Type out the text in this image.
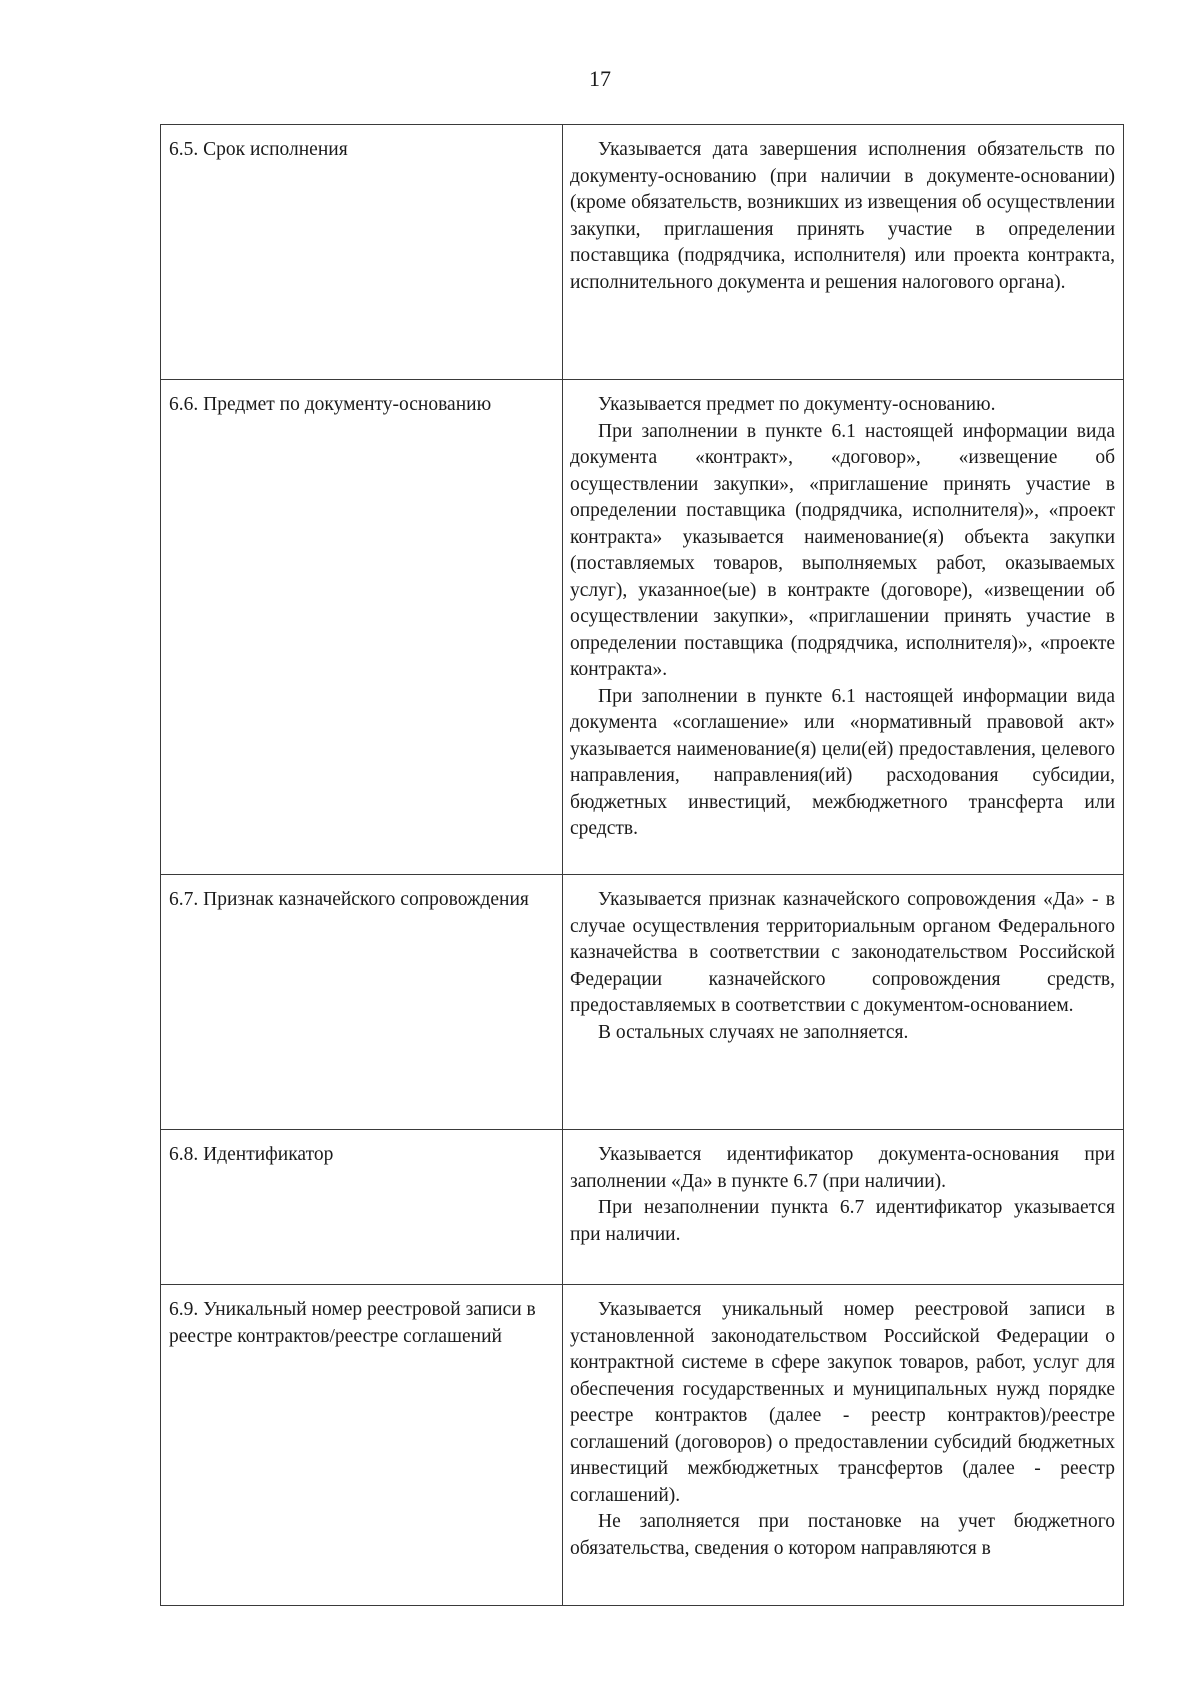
17
6.5. Срок исполнения	Указывается дата завершения исполнения обязательств по документу-основанию (при наличии в документе-основании) (кроме обязательств, возникших из извещения об осуществлении закупки, приглашения принять участие в определении поставщика (подрядчика, исполнителя) или проекта контракта, исполнительного документа и решения налогового органа).

6.6. Предмет по документу-основанию	Указывается предмет по документу-основанию.

При заполнении в пункте 6.1 настоящей информации вида документа «контракт», «договор», «извещение об осуществлении закупки», «приглашение принять участие в определении поставщика (подрядчика, исполнителя)», «проект контракта» указывается наименование(я) объекта закупки (поставляемых товаров, выполняемых работ, оказываемых услуг), указанное(ые) в контракте (договоре), «извещении об осуществлении закупки», «приглашении принять участие в определении поставщика (подрядчика, исполнителя)», «проекте контракта».

При заполнении в пункте 6.1 настоящей информации вида документа «соглашение» или «нормативный правовой акт» указывается наименование(я) цели(ей) предоставления, целевого направления, направления(ий) расходования субсидии, бюджетных инвестиций, межбюджетного трансферта или средств.

6.7. Признак казначейского сопровождения	Указывается признак казначейского сопровождения «Да» - в случае осуществления территориальным органом Федерального казначейства в соответствии с законодательством Российской Федерации казначейского сопровождения средств, предоставляемых в соответствии с документом-основанием.

В остальных случаях не заполняется.

6.8. Идентификатор	Указывается идентификатор документа-основания при заполнении «Да» в пункте 6.7 (при наличии).

При незаполнении пункта 6.7 идентификатор указывается при наличии.

6.9. Уникальный номер реестровой записи в реестре контрактов/реестре соглашений	Указывается уникальный номер реестровой записи в установленной законодательством Российской Федерации о контрактной системе в сфере закупок товаров, работ, услуг для обеспечения государственных и муниципальных нужд порядке реестре контрактов (далее - реестр контрактов)/реестре соглашений (договоров) о предоставлении субсидий бюджетных инвестиций межбюджетных трансфертов (далее - реестр соглашений).

Не заполняется при постановке на учет бюджетного обязательства, сведения о котором направляются в
